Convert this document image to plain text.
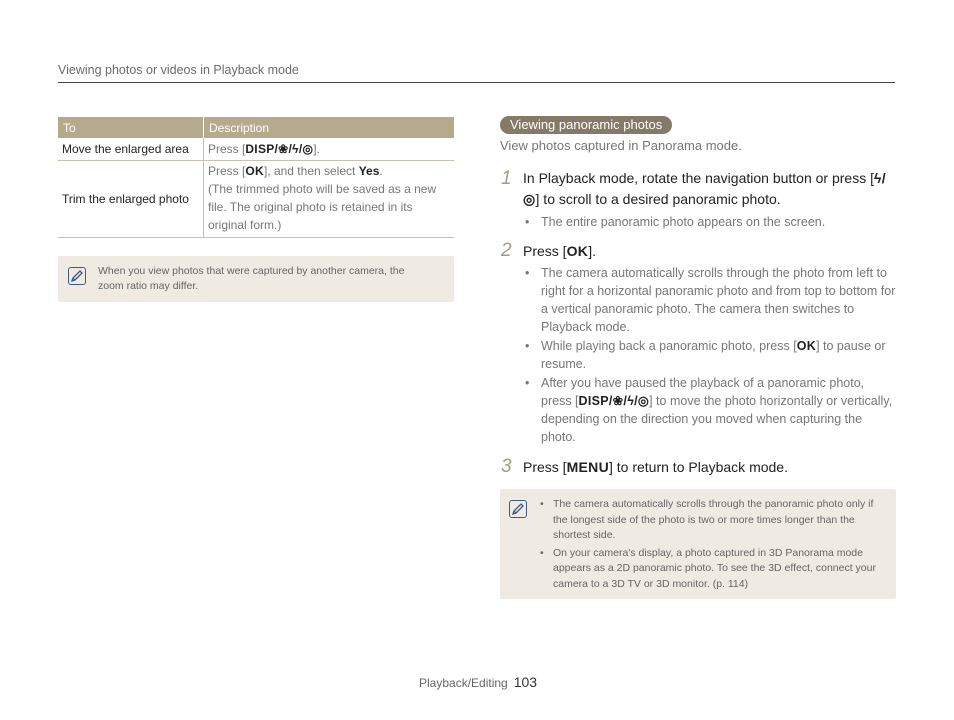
Viewing photos or videos in Playback mode
To	Description
Move the enlarged area	Press [DISP/❀/ϟ/◎].
Trim the enlarged photo	Press [OK], and then select Yes.
(The trimmed photo will be saved as a new file. The original photo is retained in its original form.)
When you view photos that were captured by another camera, the zoom ratio may differ.
Viewing panoramic photos
View photos captured in Panorama mode.
1 In Playback mode, rotate the navigation button or press [ϟ/◎] to scroll to a desired panoramic photo.
• The entire panoramic photo appears on the screen.
2 Press [OK].
• The camera automatically scrolls through the photo from left to right for a horizontal panoramic photo and from top to bottom for a vertical panoramic photo. The camera then switches to Playback mode.
• While playing back a panoramic photo, press [OK] to pause or resume.
• After you have paused the playback of a panoramic photo, press [DISP/❀/ϟ/◎] to move the photo horizontally or vertically, depending on the direction you moved when capturing the photo.
3 Press [MENU] to return to Playback mode.
• The camera automatically scrolls through the panoramic photo only if the longest side of the photo is two or more times longer than the shortest side.
• On your camera's display, a photo captured in 3D Panorama mode appears as a 2D panoramic photo. To see the 3D effect, connect your camera to a 3D TV or 3D monitor. (p. 114)
Playback/Editing 103
